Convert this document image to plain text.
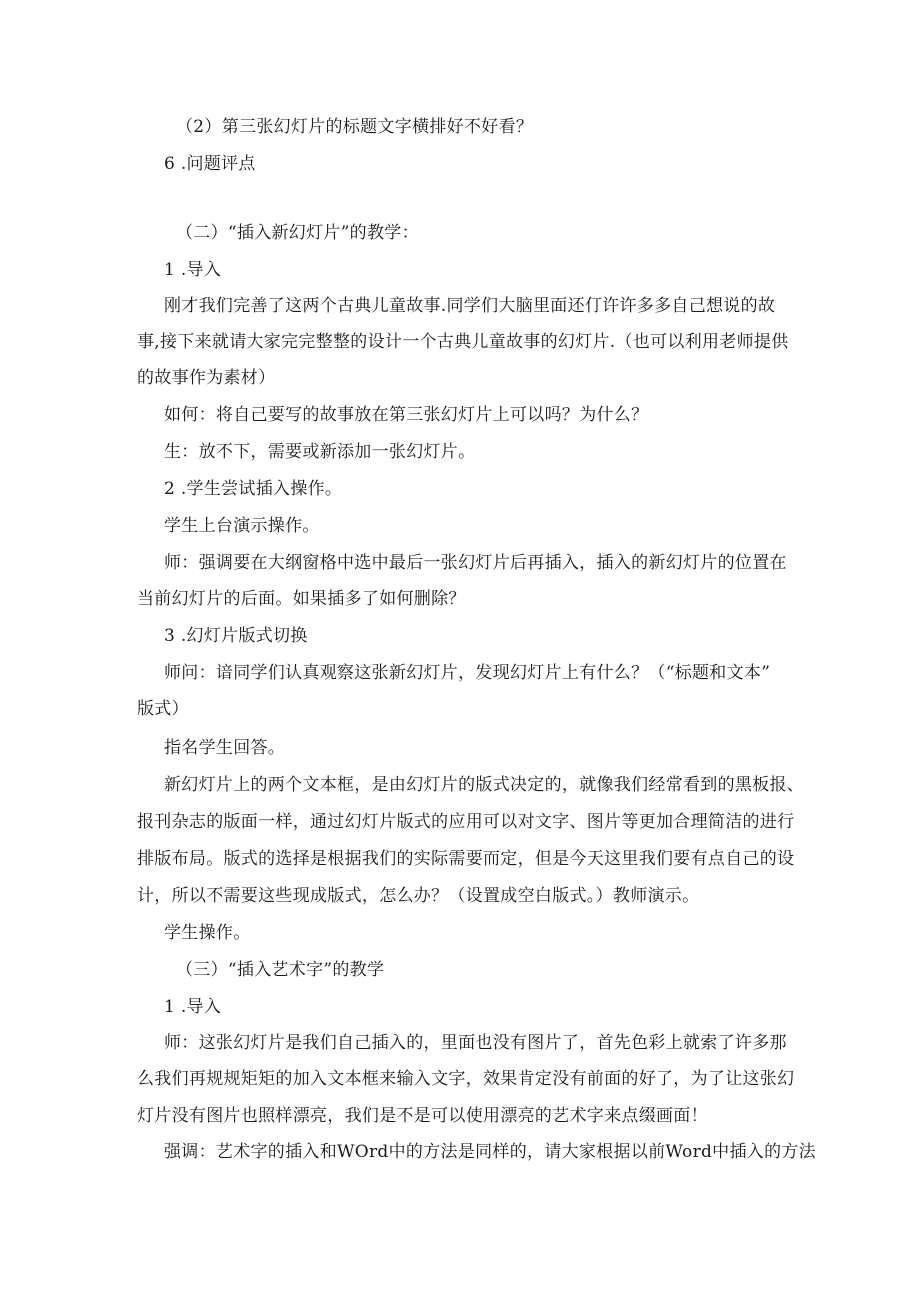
（2）第三张幻灯片的标题文字横排好不好看？
6 .问题评点
（二）“插入新幻灯片”的教学：
1 .导入
刚才我们完善了这两个古典儿童故事.同学们大脑里面还仃许许多多自己想说的故
事,接下来就请大家完完整整的设计一个古典儿童故事的幻灯片.（也可以利用老师提供
的故事作为素材）
如何：将自己要写的故事放在第三张幻灯片上可以吗？为什么？
生：放不下，需要或新添加一张幻灯片。
2 .学生尝试插入操作。
学生上台演示操作。
师：强调要在大纲窗格中选中最后一张幻灯片后再插入，插入的新幻灯片的位置在
当前幻灯片的后面。如果插多了如何删除？
3 .幻灯片版式切换
师问：谙同学们认真观察这张新幻灯片，发现幻灯片上有什么？（“标题和文本”
版式）
指名学生回答。
新幻灯片上的两个文本框，是由幻灯片的版式决定的，就像我们经常看到的黑板报、
报刊杂志的版面一样，通过幻灯片版式的应用可以对文字、图片等更加合理简洁的进行
排版布局。版式的选择是根据我们的实际需要而定，但是今天这里我们要有点自己的设
计，所以不需要这些现成版式，怎么办？（设置成空白版式。）教师演示。
学生操作。
（三）“插入艺术字”的教学
1 .导入
师：这张幻灯片是我们自己插入的，里面也没有图片了，首先色彩上就索了许多那
么我们再规规矩矩的加入文本框来输入文字，效果肯定没有前面的好了，为了让这张幻
灯片没有图片也照样漂亮，我们是不是可以使用漂亮的艺术字来点缀画面！
强调：艺术字的插入和WOrd中的方法是同样的，请大家根据以前Word中插入的方法
